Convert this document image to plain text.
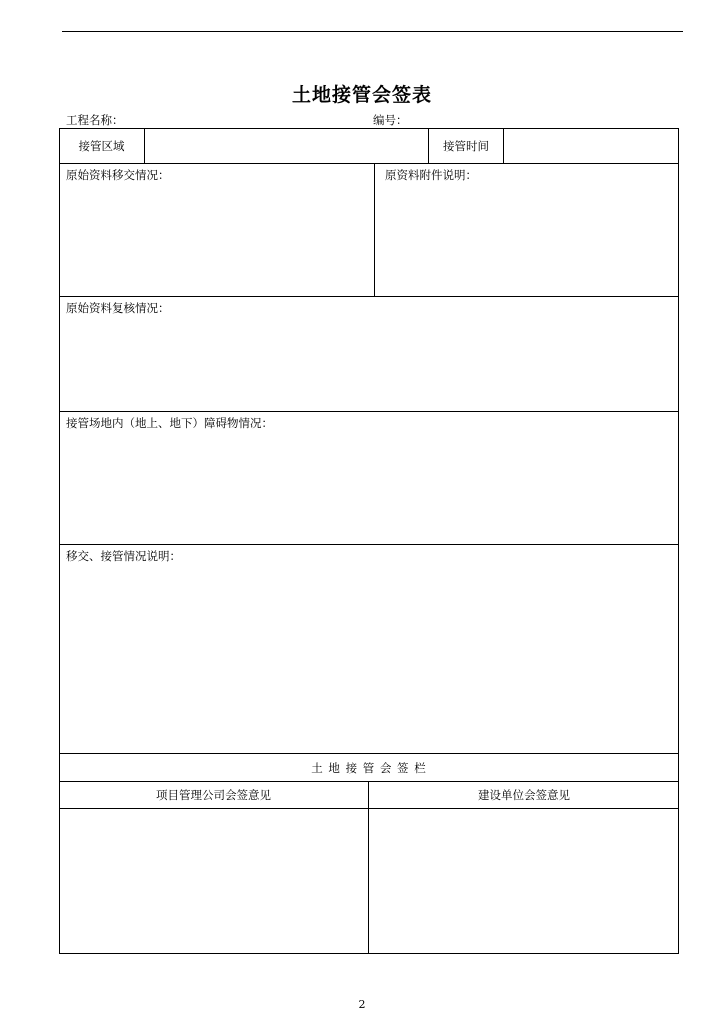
土地接管会签表
工程名称：	编号：
接管区域	接管时间
原始资料移交情况：	原资料附件说明：
原始资料复核情况：
接管场地内（地上、地下）障碍物情况：
移交、接管情况说明：
土 地 接 管 会 签 栏
项目管理公司会签意见	建设单位会签意见
2
